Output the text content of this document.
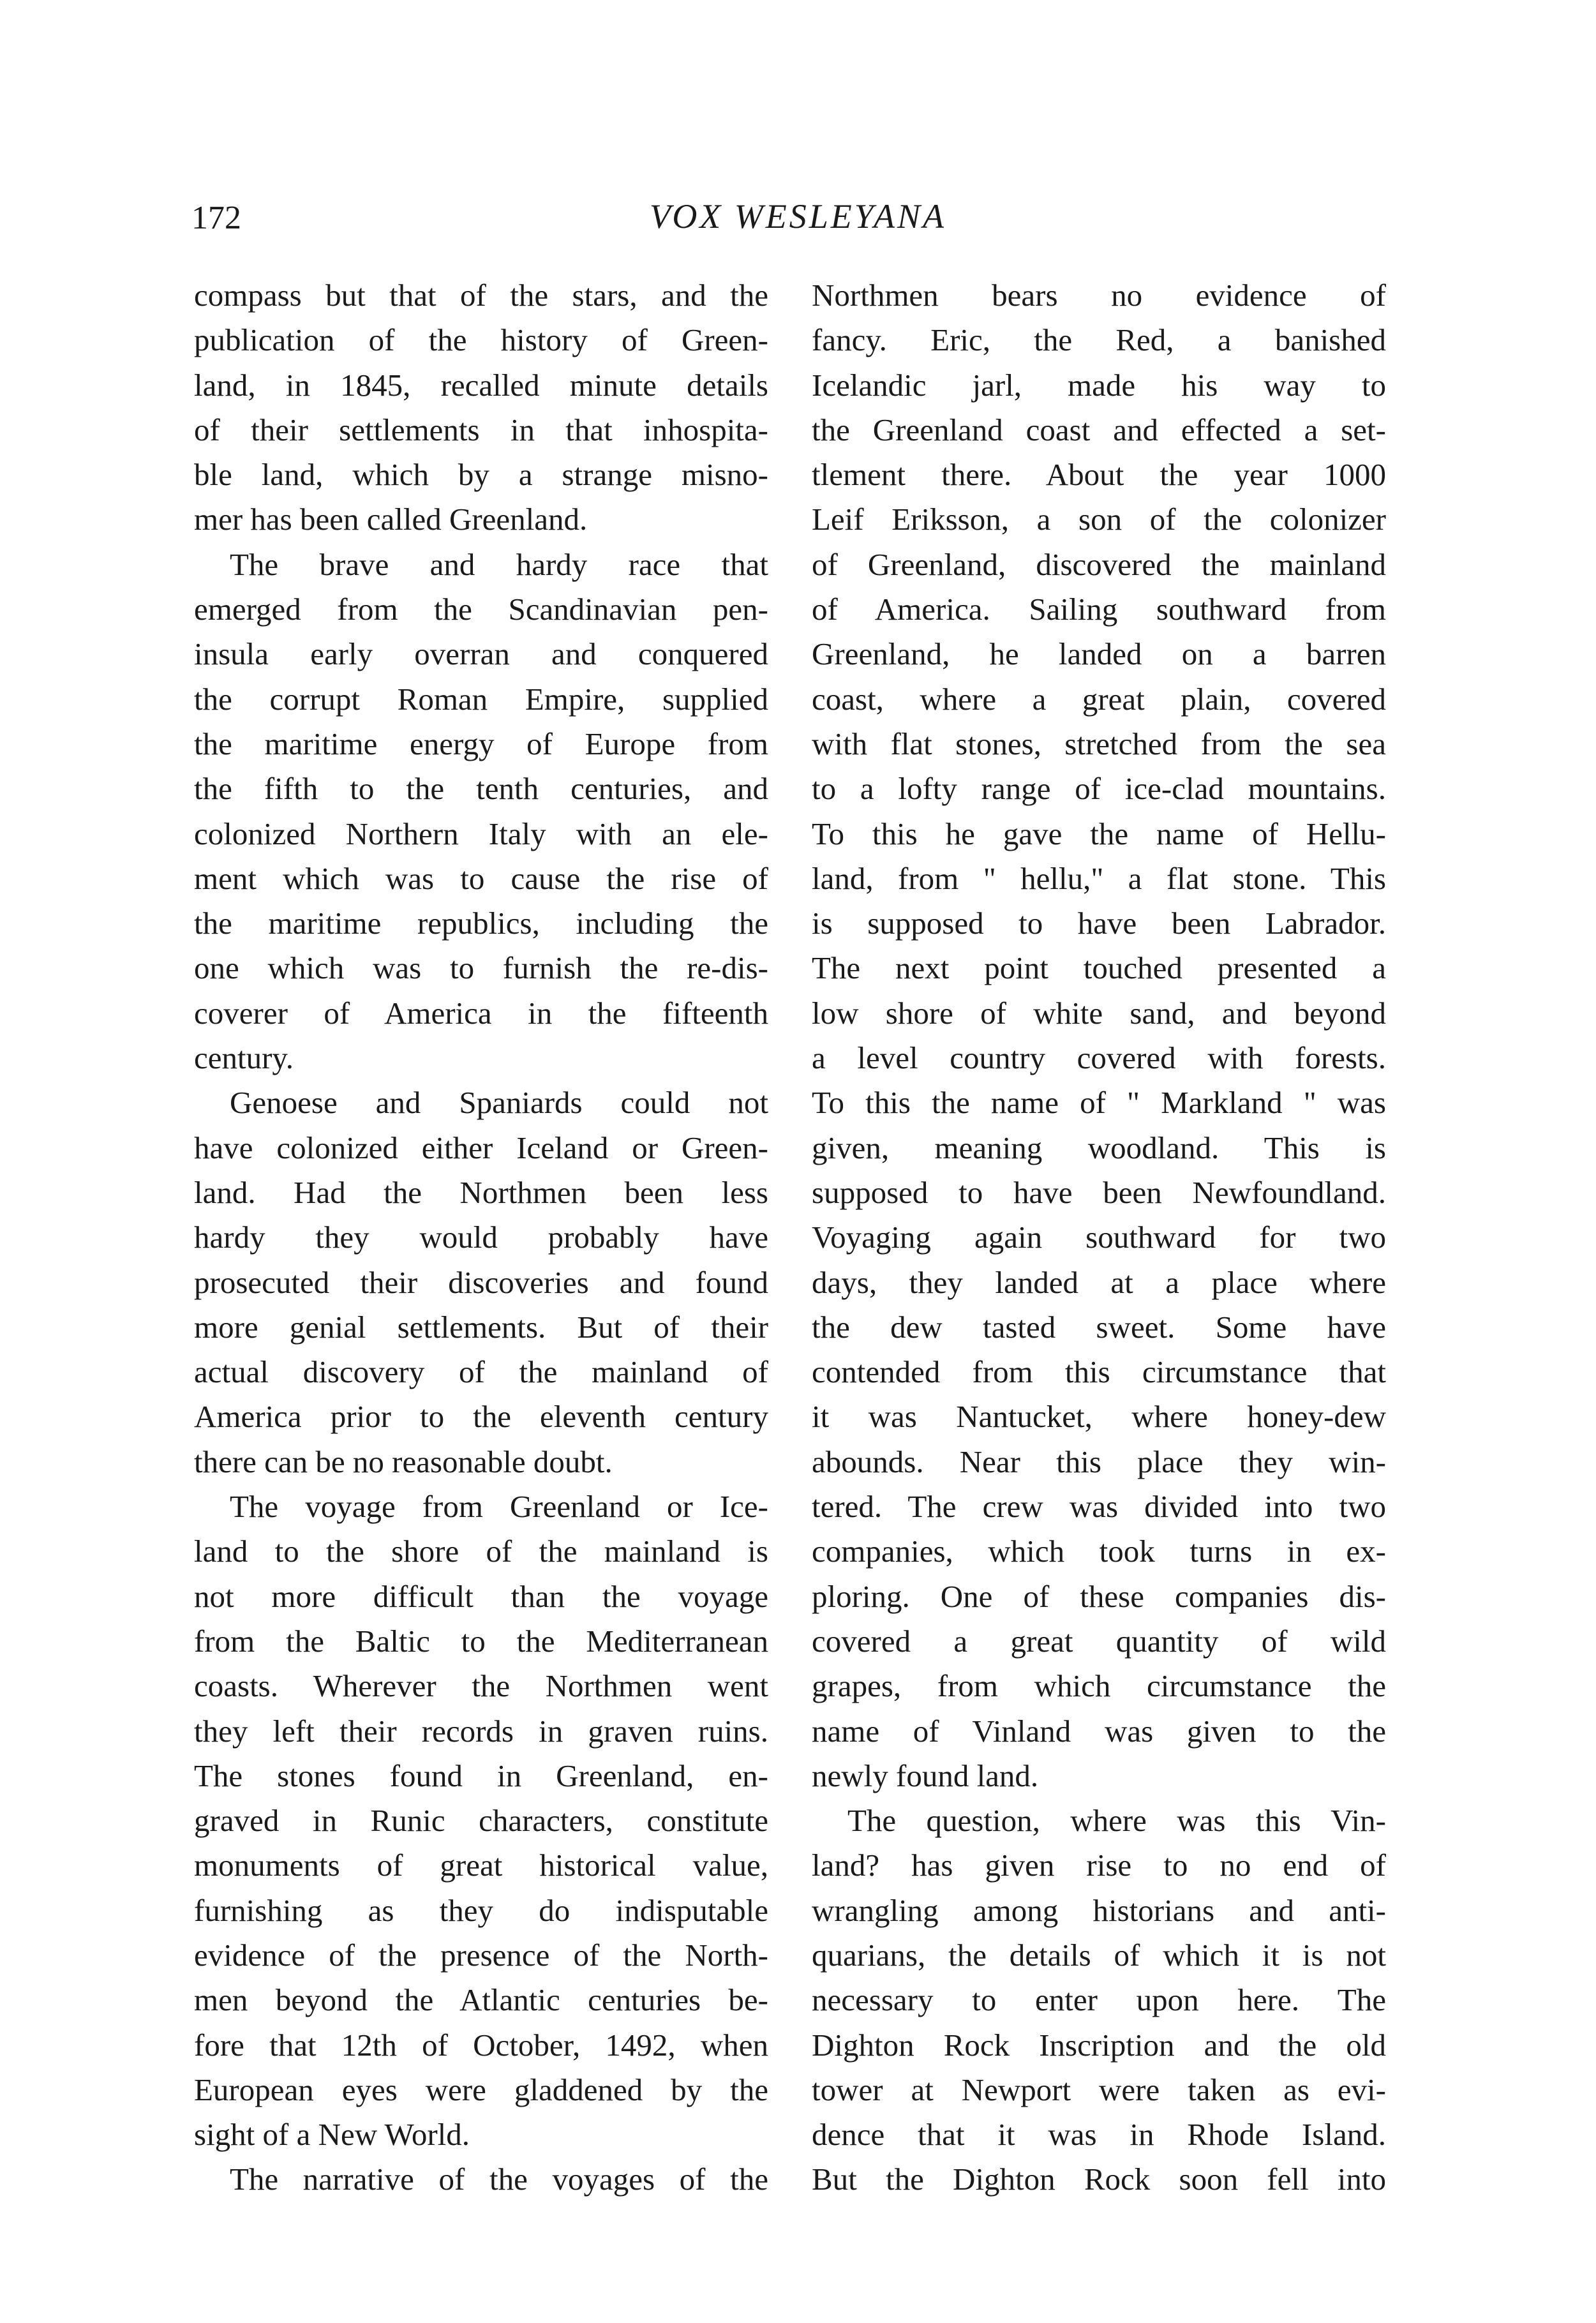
172	VOX WESLEYANA
compass but that of the stars, and the
publication of the history of Green-
land, in 1845, recalled minute details
of their settlements in that inhospita-
ble land, which by a strange misno-
mer has been called Greenland.
The brave and hardy race that
emerged from the Scandinavian pen-
insula early overran and conquered
the corrupt Roman Empire, supplied
the maritime energy of Europe from
the fifth to the tenth centuries, and
colonized Northern Italy with an ele-
ment which was to cause the rise of
the maritime republics, including the
one which was to furnish the re-dis-
coverer of America in the fifteenth
century.
Genoese and Spaniards could not
have colonized either Iceland or Green-
land. Had the Northmen been less
hardy they would probably have
prosecuted their discoveries and found
more genial settlements. But of their
actual discovery of the mainland of
America prior to the eleventh century
there can be no reasonable doubt.
The voyage from Greenland or Ice-
land to the shore of the mainland is
not more difficult than the voyage
from the Baltic to the Mediterranean
coasts. Wherever the Northmen went
they left their records in graven ruins.
The stones found in Greenland, en-
graved in Runic characters, constitute
monuments of great historical value,
furnishing as they do indisputable
evidence of the presence of the North-
men beyond the Atlantic centuries be-
fore that 12th of October, 1492, when
European eyes were gladdened by the
sight of a New World.
The narrative of the voyages of the
Northmen bears no evidence of
fancy. Eric, the Red, a banished
Icelandic jarl, made his way to
the Greenland coast and effected a set-
tlement there. About the year 1000
Leif Eriksson, a son of the colonizer
of Greenland, discovered the mainland
of America. Sailing southward from
Greenland, he landed on a barren
coast, where a great plain, covered
with flat stones, stretched from the sea
to a lofty range of ice-clad mountains.
To this he gave the name of Hellu-
land, from " hellu," a flat stone. This
is supposed to have been Labrador.
The next point touched presented a
low shore of white sand, and beyond
a level country covered with forests.
To this the name of " Markland " was
given, meaning woodland. This is
supposed to have been Newfoundland.
Voyaging again southward for two
days, they landed at a place where
the dew tasted sweet. Some have
contended from this circumstance that
it was Nantucket, where honey-dew
abounds. Near this place they win-
tered. The crew was divided into two
companies, which took turns in ex-
ploring. One of these companies dis-
covered a great quantity of wild
grapes, from which circumstance the
name of Vinland was given to the
newly found land.
The question, where was this Vin-
land? has given rise to no end of
wrangling among historians and anti-
quarians, the details of which it is not
necessary to enter upon here. The
Dighton Rock Inscription and the old
tower at Newport were taken as evi-
dence that it was in Rhode Island.
But the Dighton Rock soon fell into
